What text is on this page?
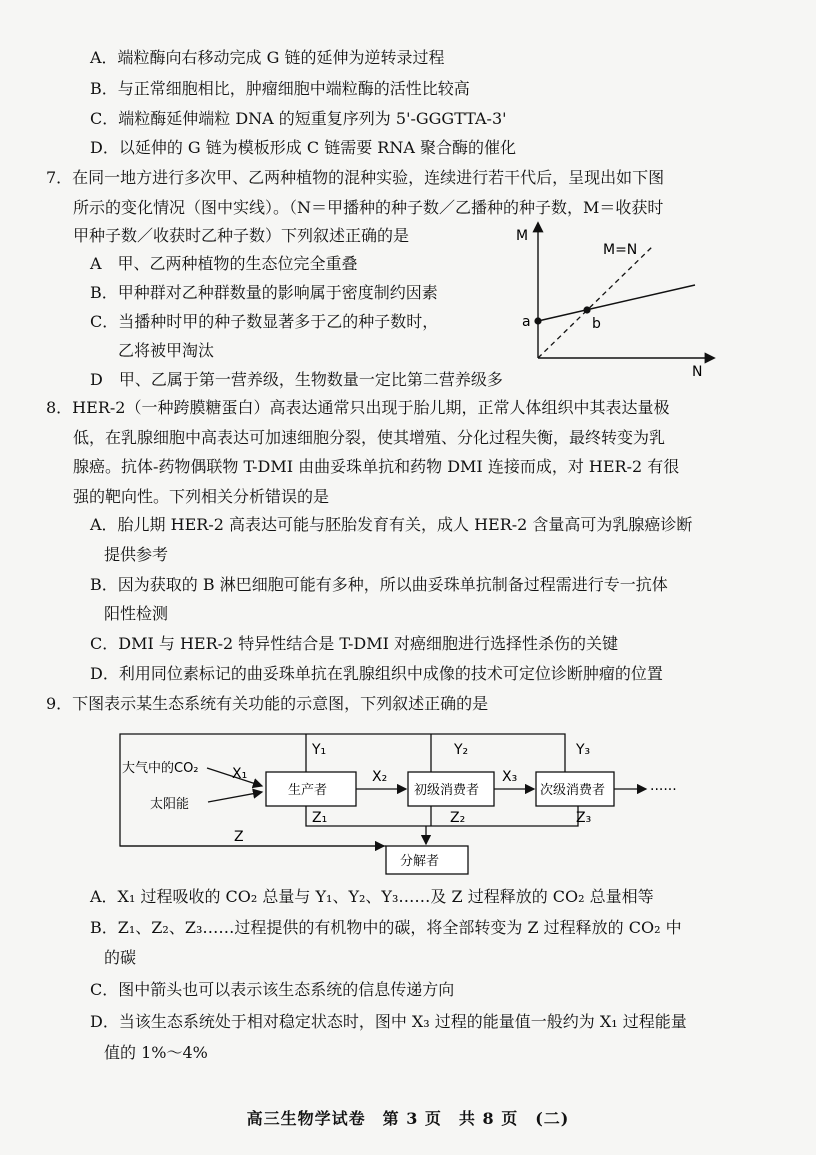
A．端粒酶向右移动完成 G 链的延伸为逆转录过程
B．与正常细胞相比，肿瘤细胞中端粒酶的活性比较高
C．端粒酶延伸端粒 DNA 的短重复序列为 5'-GGGTTA-3'
D．以延伸的 G 链为模板形成 C 链需要 RNA 聚合酶的催化
7．在同一地方进行多次甲、乙两种植物的混种实验，连续进行若干代后，呈现出如下图
所示的变化情况（图中实线）。（N＝甲播种的种子数／乙播种的种子数，M＝收获时
甲种子数／收获时乙种子数）下列叙述正确的是
A　甲、乙两种植物的生态位完全重叠
B．甲种群对乙种群数量的影响属于密度制约因素
C．当播种时甲的种子数显著多于乙的种子数时，
乙将被甲淘汰
D　甲、乙属于第一营养级，生物数量一定比第二营养级多
M
N
M=N
a	b
8．HER-2（一种跨膜糖蛋白）高表达通常只出现于胎儿期，正常人体组织中其表达量极
低，在乳腺细胞中高表达可加速细胞分裂，使其增殖、分化过程失衡，最终转变为乳
腺癌。抗体-药物偶联物 T-DMI 由曲妥珠单抗和药物 DMI 连接而成，对 HER-2 有很
强的靶向性。下列相关分析错误的是
A．胎儿期 HER-2 高表达可能与胚胎发育有关，成人 HER-2 含量高可为乳腺癌诊断
提供参考
B．因为获取的 B 淋巴细胞可能有多种，所以曲妥珠单抗制备过程需进行专一抗体
阳性检测
C．DMI 与 HER-2 特异性结合是 T-DMI 对癌细胞进行选择性杀伤的关键
D．利用同位素标记的曲妥珠单抗在乳腺组织中成像的技术可定位诊断肿瘤的位置
9．下图表示某生态系统有关功能的示意图，下列叙述正确的是
大气中的CO₂
太阳能
生产者	初级消费者	次级消费者
分解者
X₁	X₂	X₃
Y₁	Y₂	Y₃
Z₁	Z₂	Z₃
Z
······
A．X₁ 过程吸收的 CO₂ 总量与 Y₁、Y₂、Y₃……及 Z 过程释放的 CO₂ 总量相等
B．Z₁、Z₂、Z₃……过程提供的有机物中的碳，将全部转变为 Z 过程释放的 CO₂ 中
的碳
C．图中箭头也可以表示该生态系统的信息传递方向
D．当该生态系统处于相对稳定状态时，图中 X₃ 过程的能量值一般约为 X₁ 过程能量
值的 1%～4%
高三生物学试卷　第 3 页　共 8 页　(二)
